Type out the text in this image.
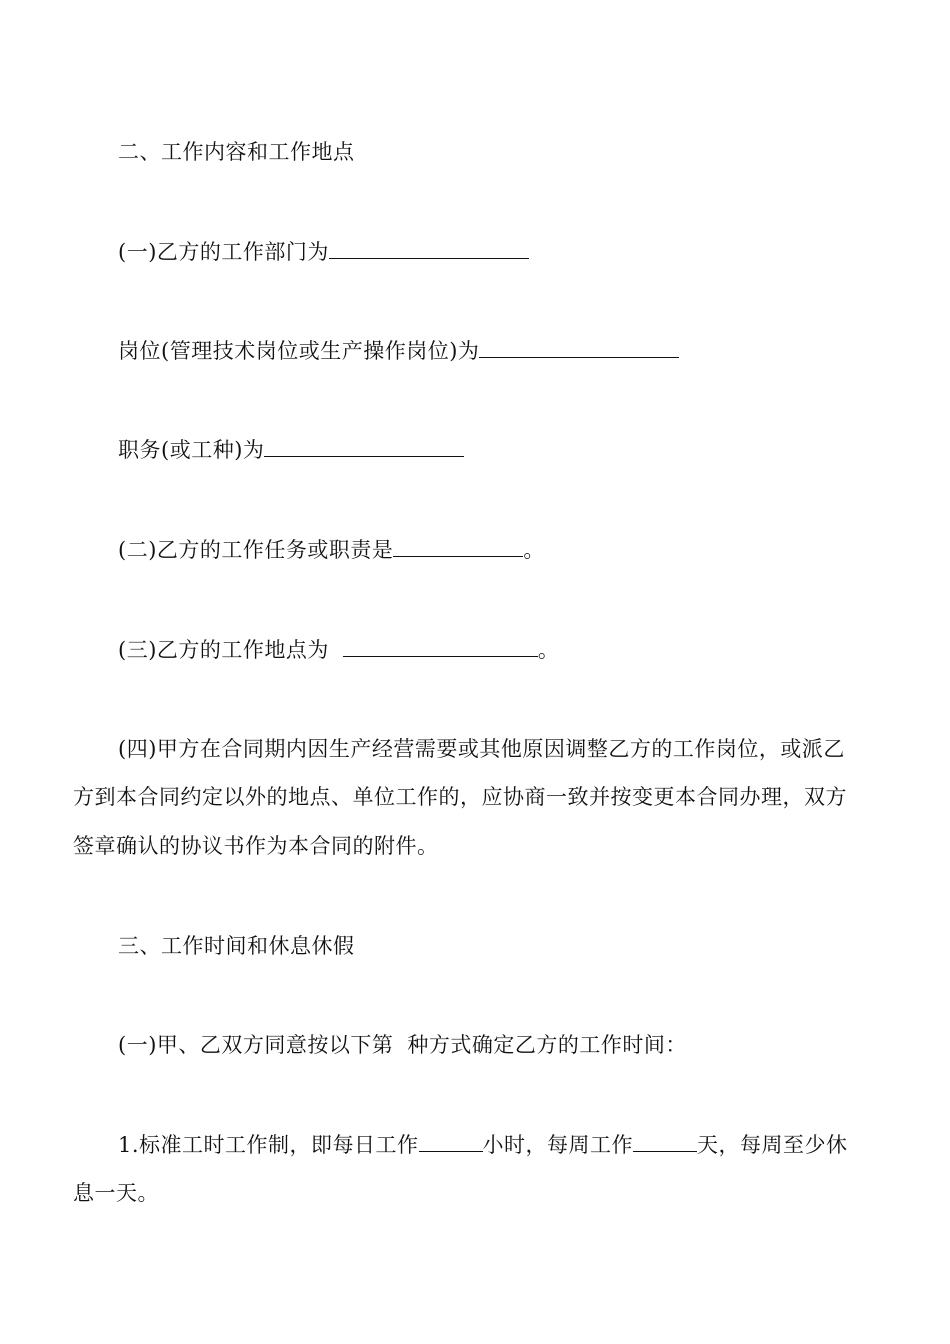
二、工作内容和工作地点
(一)乙方的工作部门为
岗位(管理技术岗位或生产操作岗位)为
职务(或工种)为
(二)乙方的工作任务或职责是	。
(三)乙方的工作地点为	。
(四)甲方在合同期内因生产经营需要或其他原因调整乙方的工作岗位，或派乙
方到本合同约定以外的地点、单位工作的，应协商一致并按变更本合同办理，双方
签章确认的协议书作为本合同的附件。
三、工作时间和休息休假
(一)甲、乙双方同意按以下第 种方式确定乙方的工作时间：
1.标准工时工作制，即每日工作	小时，每周工作	天，每周至少休
息一天。
